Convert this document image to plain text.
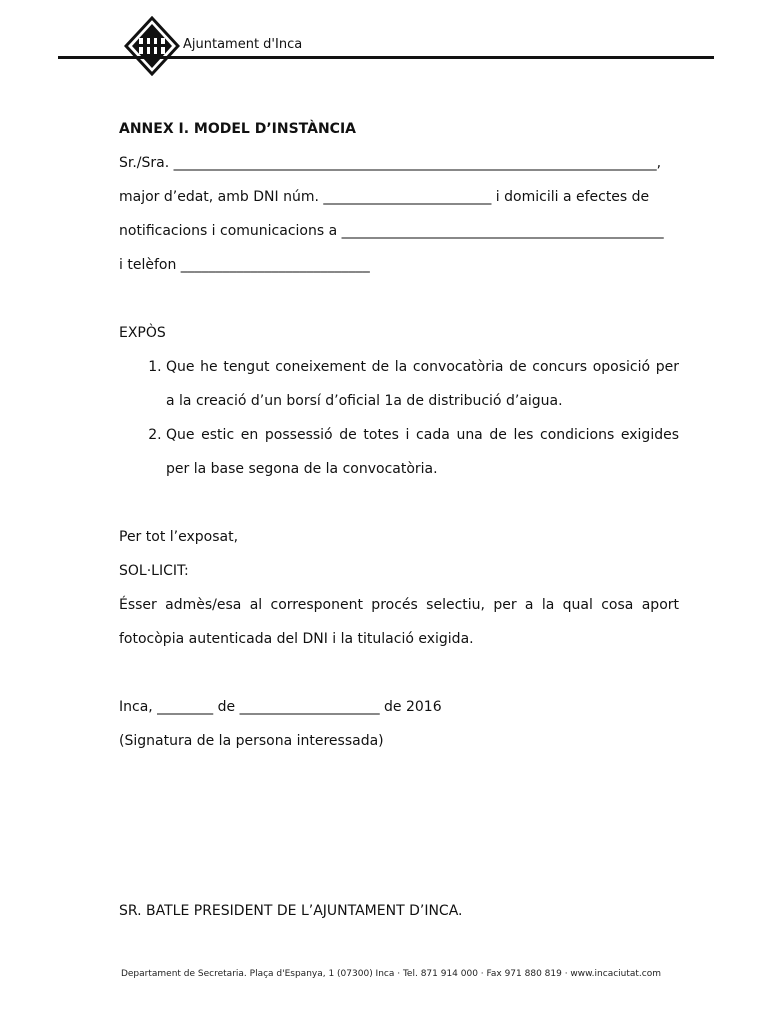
Ajuntament d'Inca

ANNEX I. MODEL D’INSTÀNCIA

Sr./Sra. _____________________________________________________________________,

major d’edat, amb DNI núm. ________________________ i domicili a efectes de

notificacions i comunicacions a ______________________________________________

i telèfon ___________________________

EXPÒS

1. Que he tengut coneixement de la convocatòria de concurs oposició per a la creació d’un borsí d’oficial 1a de distribució d’aigua.
2. Que estic en possessió de totes i cada una de les condicions exigides per la base segona de la convocatòria.

Per tot l’exposat,

SOL·LICIT:

Ésser admès/esa al corresponent procés selectiu, per a la qual cosa aport fotocòpia autenticada del DNI i la titulació exigida.

Inca, ________ de ____________________ de 2016

(Signatura de la persona interessada)

SR. BATLE PRESIDENT DE L’AJUNTAMENT D’INCA.

Departament de Secretaria. Plaça d'Espanya, 1 (07300) Inca · Tel. 871 914 000 · Fax 971 880 819 · www.incaciutat.com
